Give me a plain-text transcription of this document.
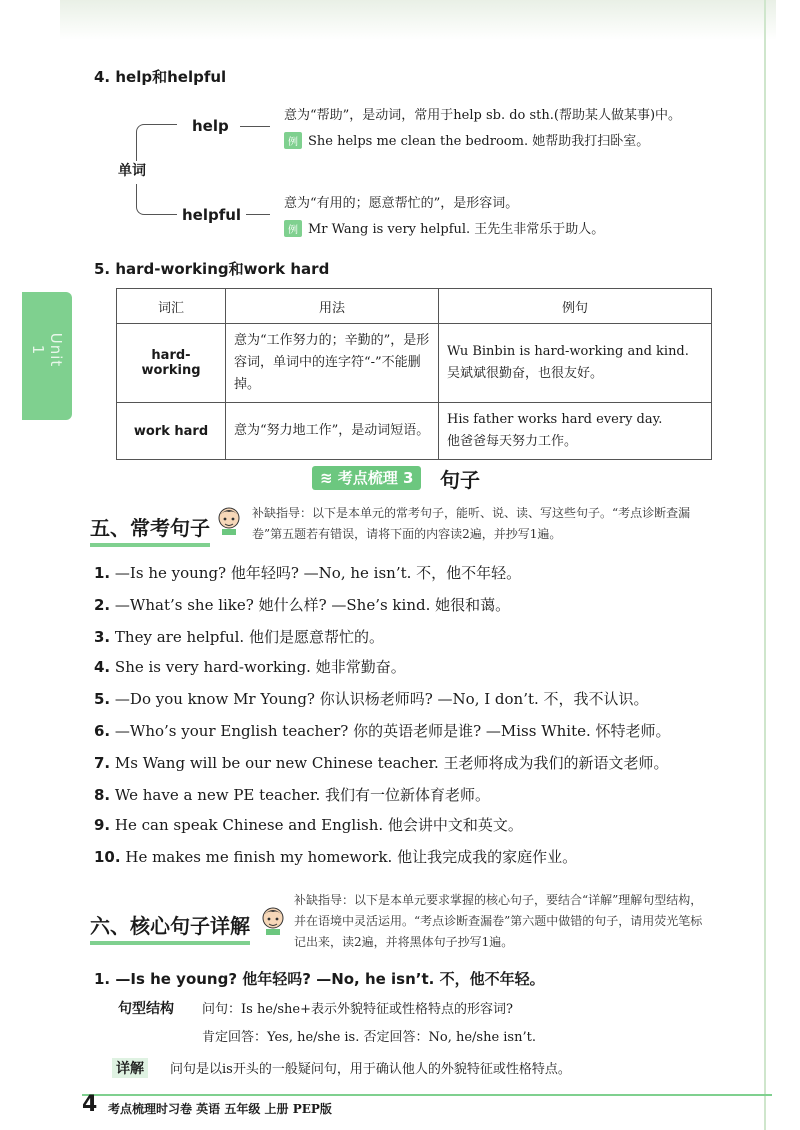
Unit 1
4. help和helpful
单词
help
意为“帮助”，是动词，常用于help sb. do sth.(帮助某人做某事)中。
例 She helps me clean the bedroom. 她帮助我打扫卧室。
helpful
意为“有用的；愿意帮忙的”，是形容词。
例 Mr Wang is very helpful. 王先生非常乐于助人。
5. hard-working和work hard
词汇	用法	例句
hard-working	意为“工作努力的；辛勤的”，是形容词，单词中的连字符“-”不能删掉。	Wu Binbin is hard-working and kind.
吴斌斌很勤奋，也很友好。

work hard	意为“努力地工作”，是动词短语。	His father works hard every day.
他爸爸每天努力工作。
≋ 考点梳理 3	句子
五、常考句子
补缺指导：以下是本单元的常考句子，能听、说、读、写这些句子。“考点诊断查漏卷”第五题若有错误，请将下面的内容读2遍，并抄写1遍。
1. —Is he young? 他年轻吗? —No, he isn’t. 不，他不年轻。
2. —What’s she like? 她什么样? —She’s kind. 她很和蔼。
3. They are helpful. 他们是愿意帮忙的。
4. She is very hard-working. 她非常勤奋。
5. —Do you know Mr Young? 你认识杨老师吗? —No, I don’t. 不，我不认识。
6. —Who’s your English teacher? 你的英语老师是谁? —Miss White. 怀特老师。
7. Ms Wang will be our new Chinese teacher. 王老师将成为我们的新语文老师。
8. We have a new PE teacher. 我们有一位新体育老师。
9. He can speak Chinese and English. 他会讲中文和英文。
10. He makes me finish my homework. 他让我完成我的家庭作业。
六、核心句子详解
补缺指导：以下是本单元要求掌握的核心句子，要结合“详解”理解句型结构，并在语境中灵活运用。“考点诊断查漏卷”第六题中做错的句子，请用荧光笔标记出来，读2遍，并将黑体句子抄写1遍。
1. —Is he young? 他年轻吗? —No, he isn’t. 不，他不年轻。
句型结构 问句：Is he/she+表示外貌特征或性格特点的形容词?
肯定回答：Yes, he/she is. 否定回答：No, he/she isn’t.
详解	问句是以is开头的一般疑问句，用于确认他人的外貌特征或性格特点。
4 考点梳理时习卷 英语 五年级 上册 PEP版
